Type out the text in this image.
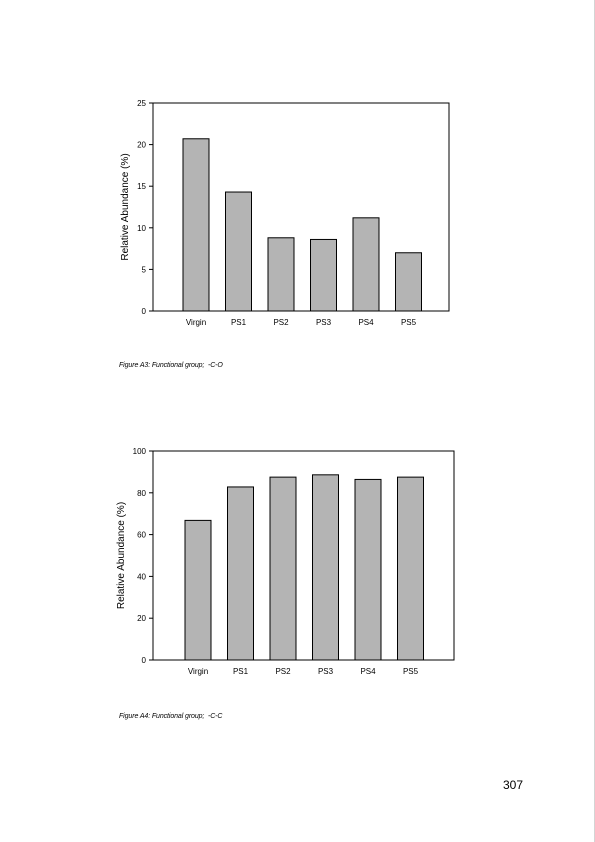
0
5
10
15
20
25
Virgin	PS1	PS2	PS3	PS4	PS5
Relative Abundance (%)
Figure A3: Functional group;  -C-O
0
20
40
60
80
100
Virgin	PS1	PS2	PS3	PS4	PS5
Relative Abundance (%)
Figure A4: Functional group;  -C-C
307
